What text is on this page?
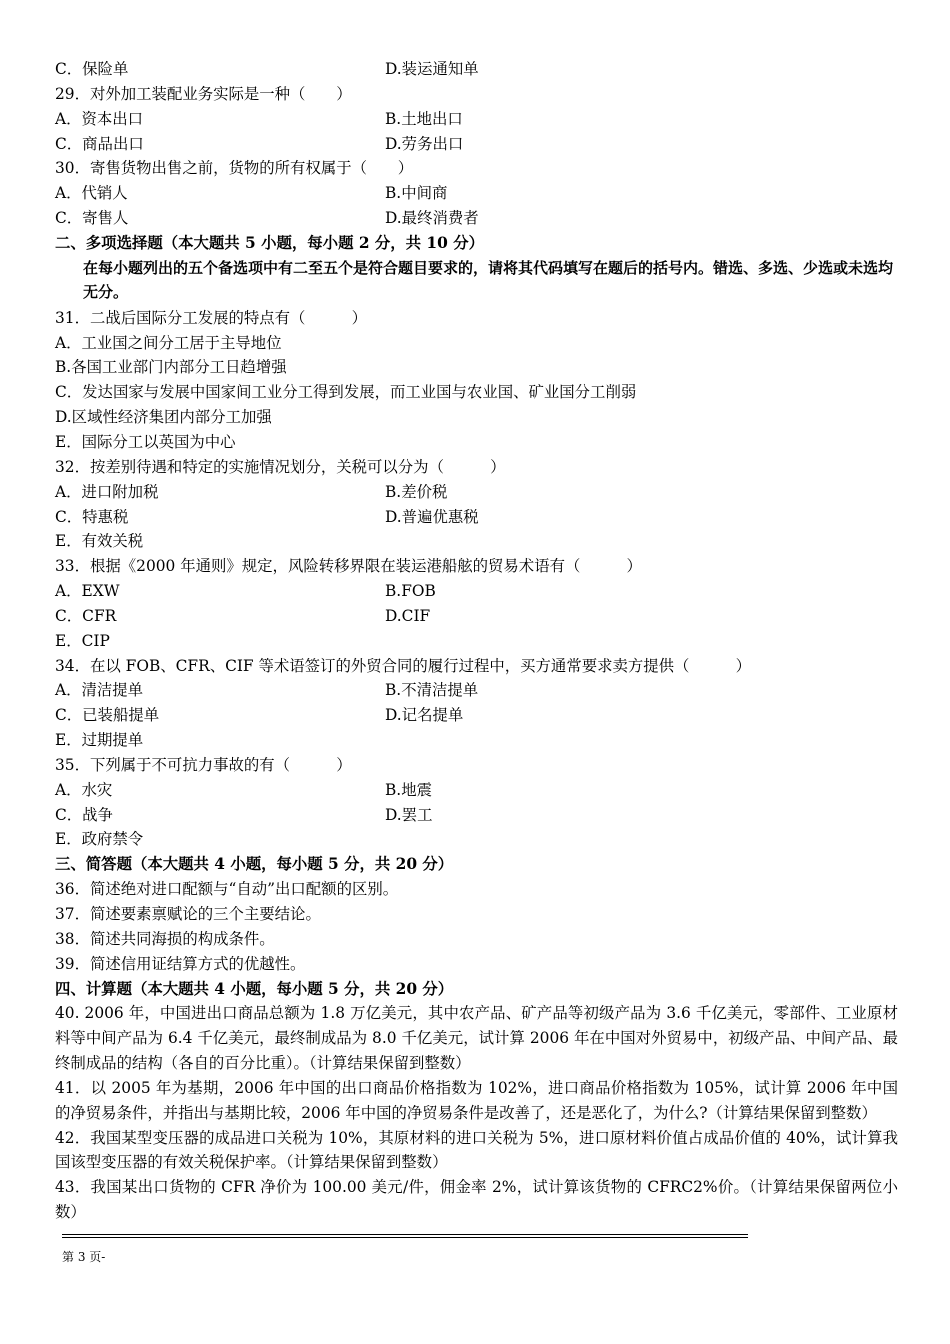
C．保险单	D.装运通知单
29．对外加工装配业务实际是一种（　　）
A．资本出口	B.土地出口
C．商品出口	D.劳务出口
30．寄售货物出售之前，货物的所有权属于（　　）
A．代销人	B.中间商
C．寄售人	D.最终消费者
二、多项选择题（本大题共 5 小题，每小题 2 分，共 10 分）
在每小题列出的五个备选项中有二至五个是符合题目要求的，请将其代码填写在题后的括号内。错选、多选、少选或未选均无分。
31．二战后国际分工发展的特点有（　　　）
A．工业国之间分工居于主导地位
B.各国工业部门内部分工日趋增强
C．发达国家与发展中国家间工业分工得到发展，而工业国与农业国、矿业国分工削弱
D.区域性经济集团内部分工加强
E．国际分工以英国为中心
32．按差别待遇和特定的实施情况划分，关税可以分为（　　　）
A．进口附加税	B.差价税
C．特惠税	D.普遍优惠税
E．有效关税
33．根据《2000 年通则》规定，风险转移界限在装运港船舷的贸易术语有（　　　）
A．EXW	B.FOB
C．CFR	D.CIF
E．CIP
34．在以 FOB、CFR、CIF 等术语签订的外贸合同的履行过程中，买方通常要求卖方提供（　　　）
A．清洁提单	B.不清洁提单
C．已装船提单	D.记名提单
E．过期提单
35．下列属于不可抗力事故的有（　　　）
A．水灾	B.地震
C．战争	D.罢工
E．政府禁令
三、简答题（本大题共 4 小题，每小题 5 分，共 20 分）
36．简述绝对进口配额与“自动”出口配额的区别。
37．简述要素禀赋论的三个主要结论。
38．简述共同海损的构成条件。
39．简述信用证结算方式的优越性。
四、计算题（本大题共 4 小题，每小题 5 分，共 20 分）
40. 2006 年，中国进出口商品总额为 1.8 万亿美元，其中农产品、矿产品等初级产品为 3.6 千亿美元，零部件、工业原材料等中间产品为 6.4 千亿美元，最终制成品为 8.0 千亿美元，试计算 2006 年在中国对外贸易中，初级产品、中间产品、最终制成品的结构（各自的百分比重）。（计算结果保留到整数）
41．以 2005 年为基期，2006 年中国的出口商品价格指数为 102%，进口商品价格指数为 105%，试计算 2006 年中国的净贸易条件，并指出与基期比较，2006 年中国的净贸易条件是改善了，还是恶化了，为什么?（计算结果保留到整数）
42．我国某型变压器的成品进口关税为 10%，其原材料的进口关税为 5%，进口原材料价值占成品价值的 40%，试计算我国该型变压器的有效关税保护率。（计算结果保留到整数）
43．我国某出口货物的 CFR 净价为 100.00 美元/件，佣金率 2%，试计算该货物的 CFRC2%价。（计算结果保留两位小数）
第 3 页-
